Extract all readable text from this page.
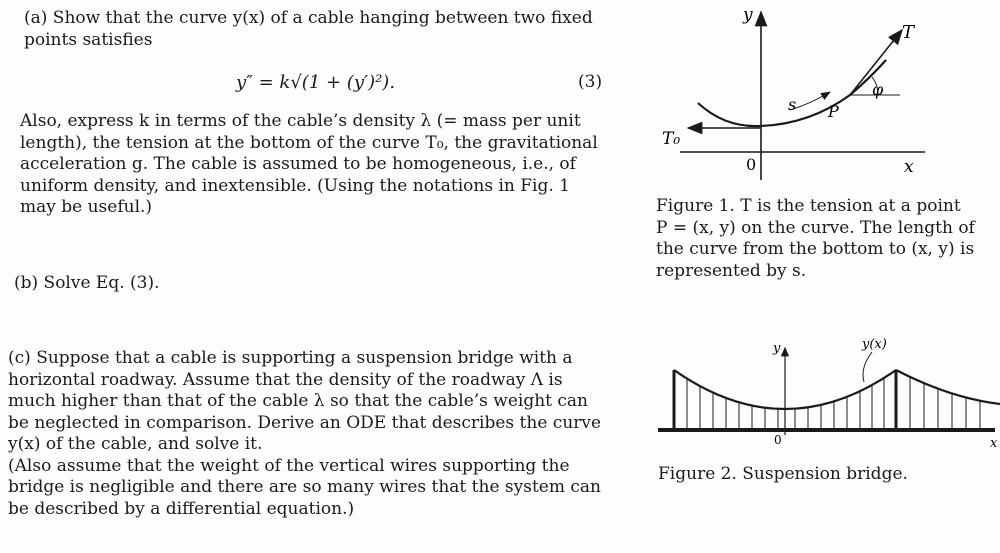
(a) Show that the curve y(x) of a cable hanging between two fixed
points satisfies
y″ = k√(1 + (y′)²).	(3)
Also, express k in terms of the cable’s density λ (= mass per unit
length), the tension at the bottom of the curve T₀, the gravitational
acceleration g. The cable is assumed to be homogeneous, i.e., of
uniform density, and inextensible. (Using the notations in Fig. 1
may be useful.)
(b) Solve Eq. (3).
(c) Suppose that a cable is supporting a suspension bridge with a
horizontal roadway. Assume that the density of the roadway Λ is
much higher than that of the cable λ so that the cable’s weight can
be neglected in comparison. Derive an ODE that describes the curve
y(x) of the cable, and solve it.
(Also assume that the weight of the vertical wires supporting the
bridge is negligible and there are so many wires that the system can
be described by a differential equation.)
y
x
0
T
T₀
s P
φ
Figure 1. T is the tension at a point
P = (x, y) on the curve. The length of
the curve from the bottom to (x, y) is
represented by s.
y	y(x)
0	x
Figure 2. Suspension bridge.
